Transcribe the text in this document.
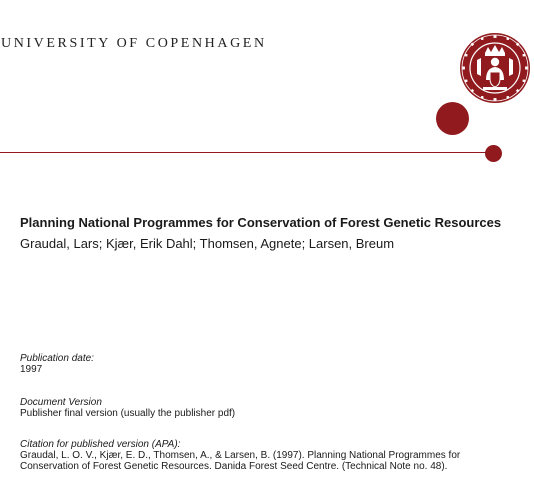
UNIVERSITY OF COPENHAGEN
Planning National Programmes for Conservation of Forest Genetic Resources
Graudal, Lars; Kjær, Erik Dahl; Thomsen, Agnete; Larsen, Breum
Publication date:
1997
Document Version
Publisher final version (usually the publisher pdf)
Citation for published version (APA):
Graudal, L. O. V., Kjær, E. D., Thomsen, A., & Larsen, B. (1997). Planning National Programmes for
Conservation of Forest Genetic Resources. Danida Forest Seed Centre. (Technical Note no. 48).
